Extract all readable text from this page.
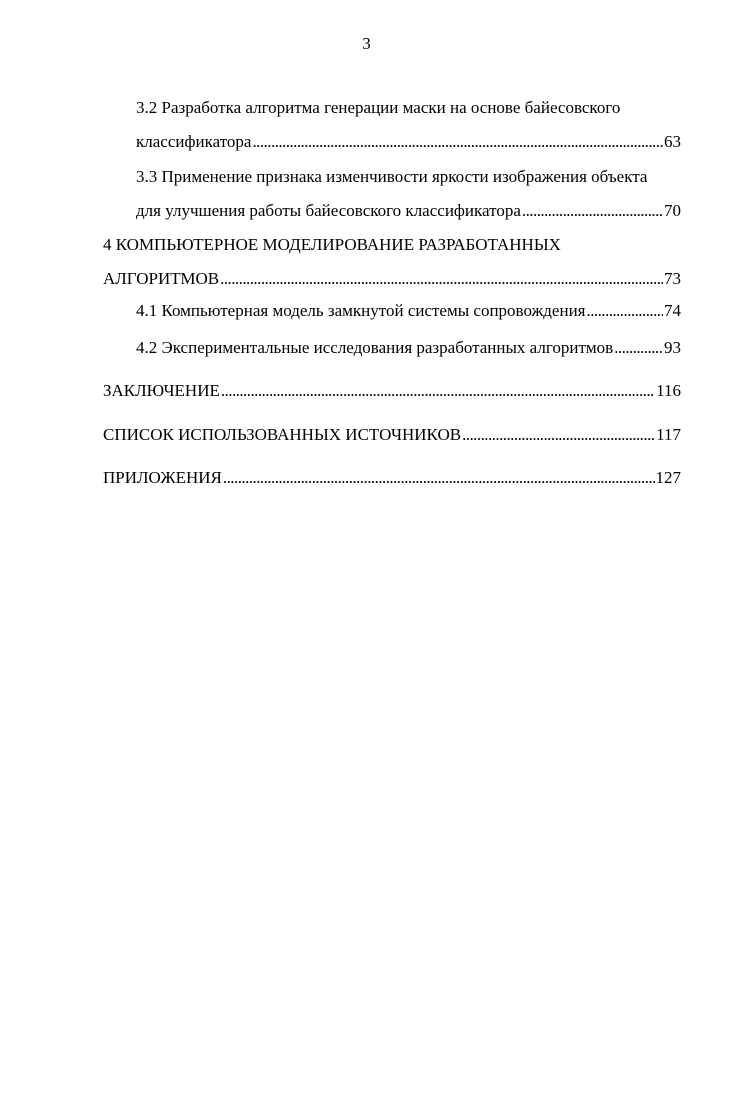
3
3.2 Разработка алгоритма генерации маски на основе байесовского
классификатора . . .	63
3.3 Применение признака изменчивости яркости изображения объекта
для улучшения работы байесовского классификатора . . .	70
4 КОМПЬЮТЕРНОЕ МОДЕЛИРОВАНИЕ РАЗРАБОТАННЫХ
АЛГОРИТМОВ . . .	73
4.1 Компьютерная модель замкнутой системы сопровождения . . .	74
4.2 Экспериментальные исследования разработанных алгоритмов . . .	93
ЗАКЛЮЧЕНИЕ . . .	116
СПИСОК ИСПОЛЬЗОВАННЫХ ИСТОЧНИКОВ . . .	117
ПРИЛОЖЕНИЯ . . .	127
